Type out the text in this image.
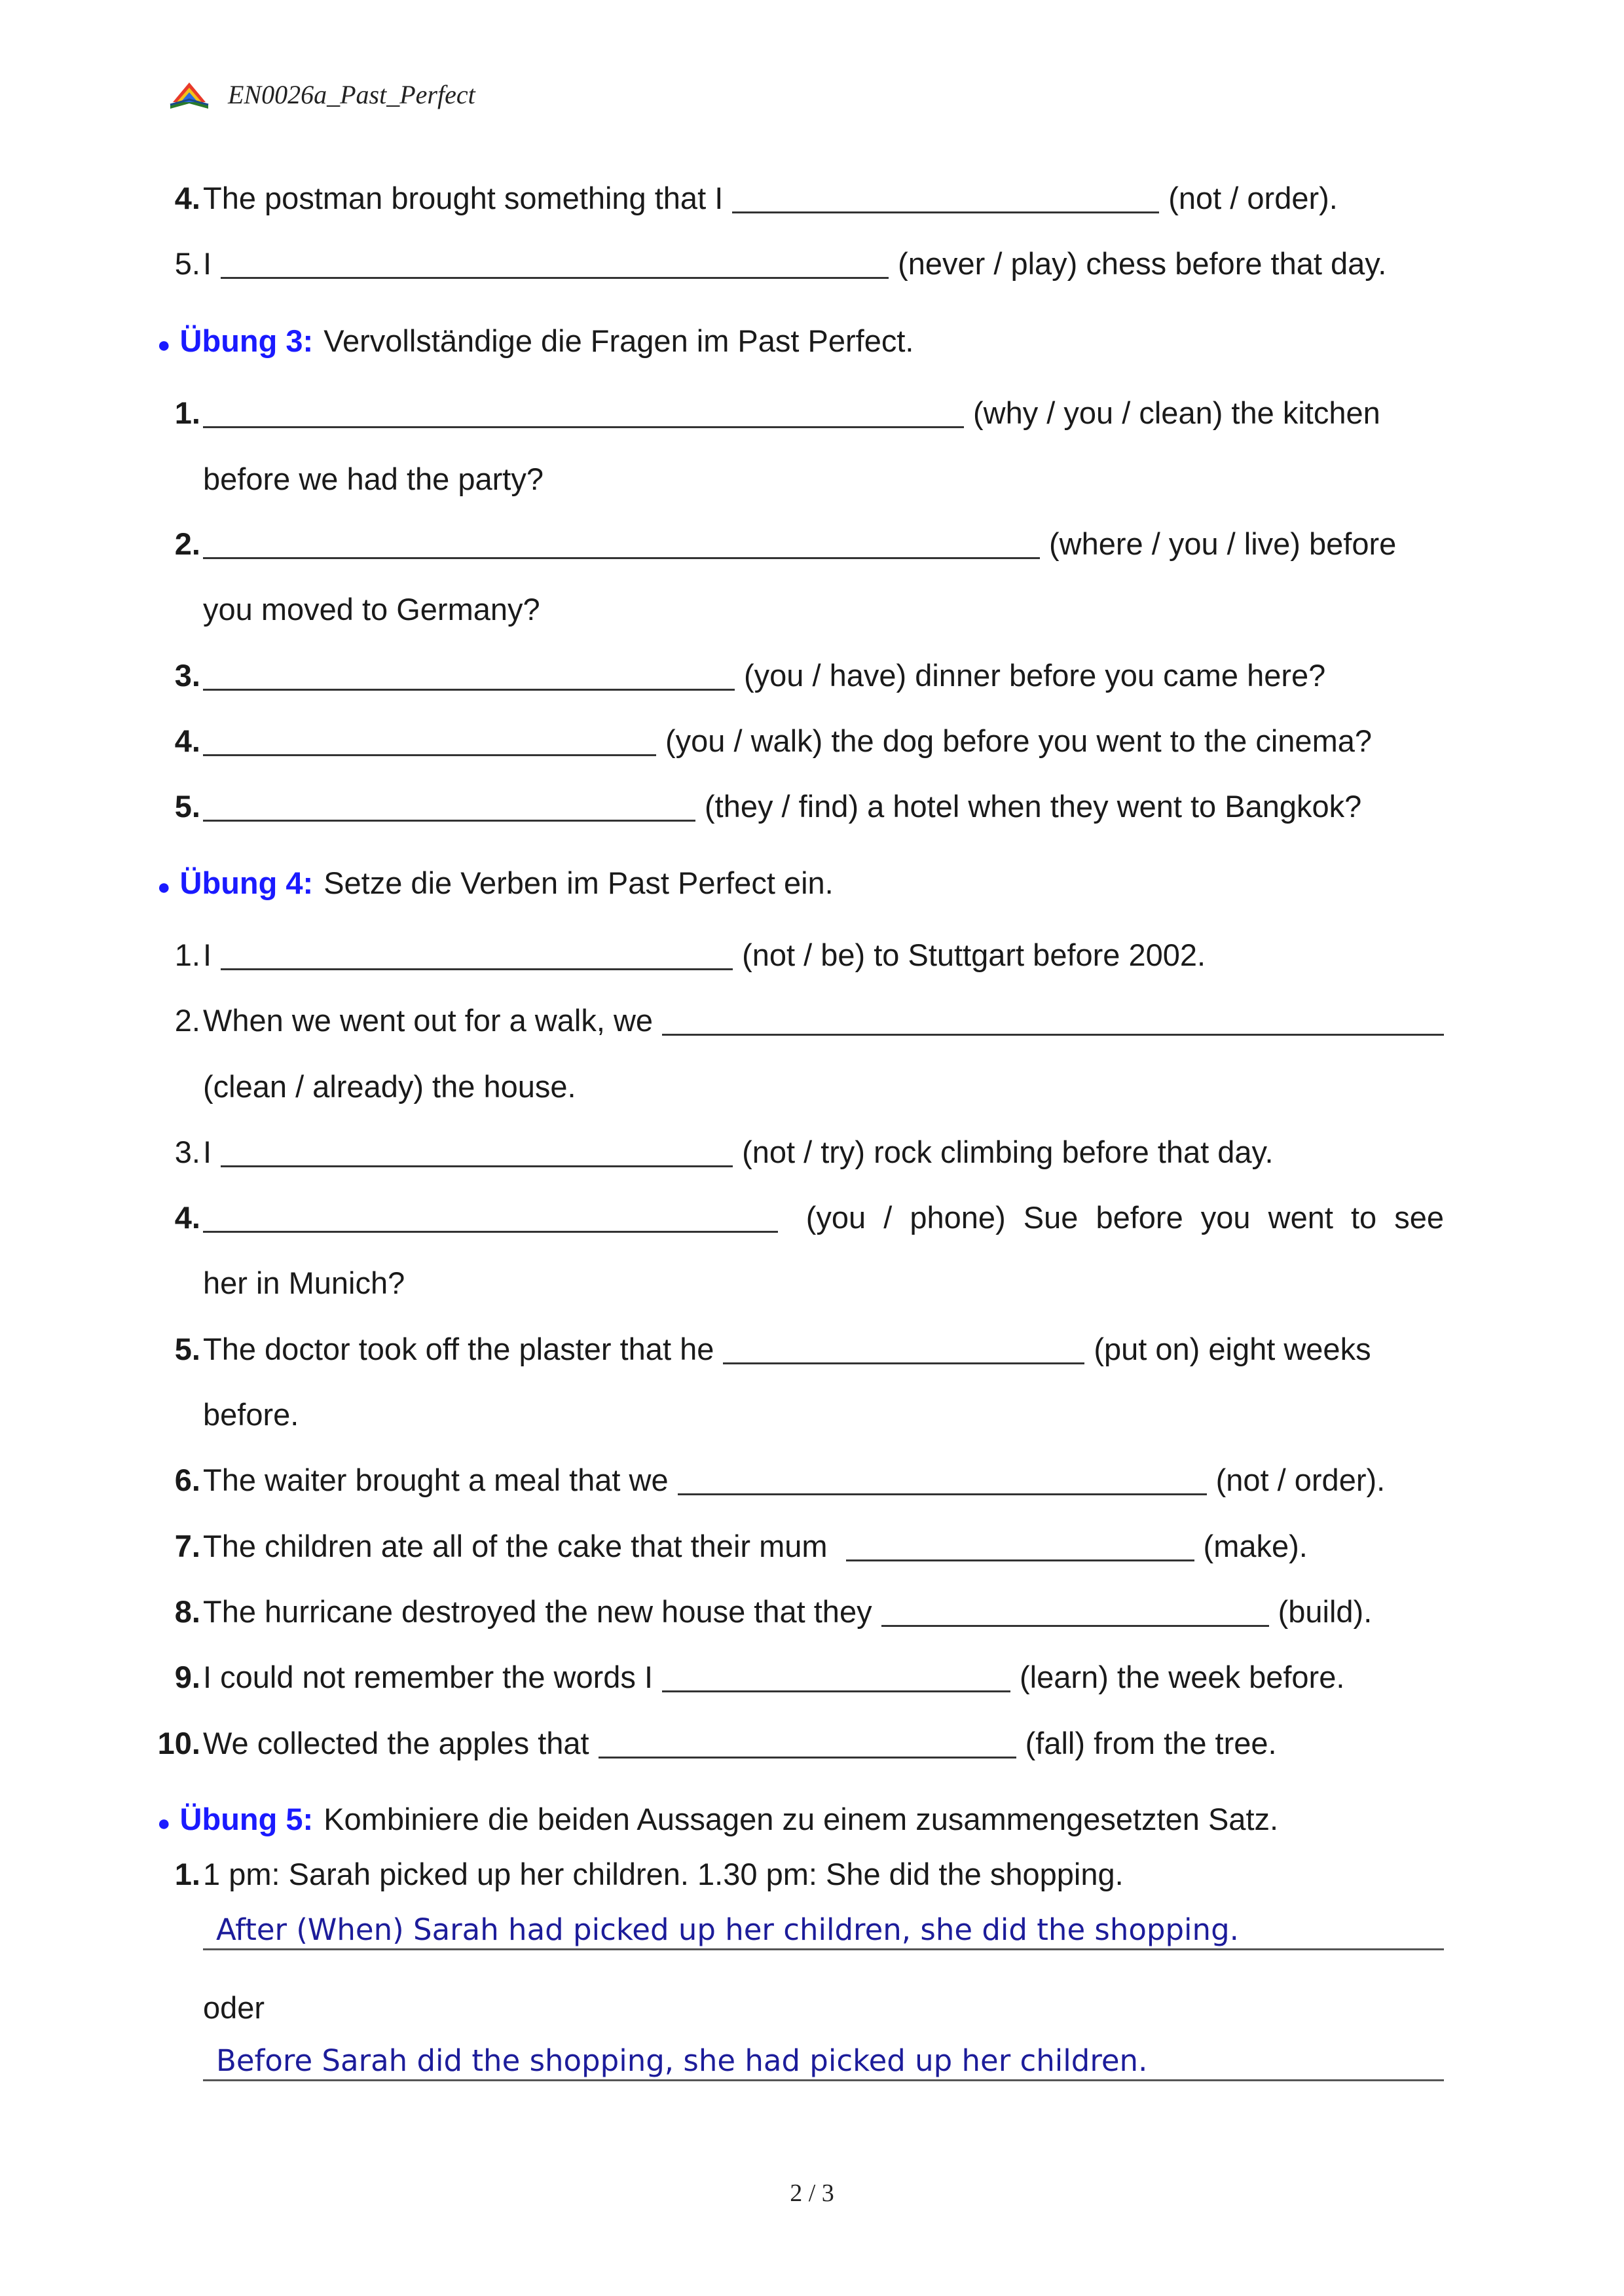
EN0026a_Past_Perfect
4. The postman brought something that I	(not / order).
5. I	(never / play) chess before that day.
● Übung 3: Vervollständige die Fragen im Past Perfect.
1.	(why / you / clean) the kitchen
before we had the party?
2.	(where / you / live) before
you moved to Germany?
3.	(you / have) dinner before you came here?
4.	(you / walk) the dog before you went to the cinema?
5.	(they / find) a hotel when they went to Bangkok?
● Übung 4: Setze die Verben im Past Perfect ein.
1. I	(not / be) to Stuttgart before 2002.
2. When we went out for a walk, we
(clean / already) the house.
3. I	(not / try) rock climbing before that day.
4.	(you / phone) Sue before you went to see
her in Munich?
5. The doctor took off the plaster that he	(put on) eight weeks
before.
6. The waiter brought a meal that we	(not / order).
7. The children ate all of the cake that their mum	(make).
8. The hurricane destroyed the new house that they	(build).
9. I could not remember the words I	(learn) the week before.
10. We collected the apples that	(fall) from the tree.
● Übung 5: Kombiniere die beiden Aussagen zu einem zusammengesetzten Satz.
1. 1 pm: Sarah picked up her children. 1.30 pm: She did the shopping.
After (When) Sarah had picked up her children, she did the shopping.
oder
Before Sarah did the shopping, she had picked up her children.
2 / 3
